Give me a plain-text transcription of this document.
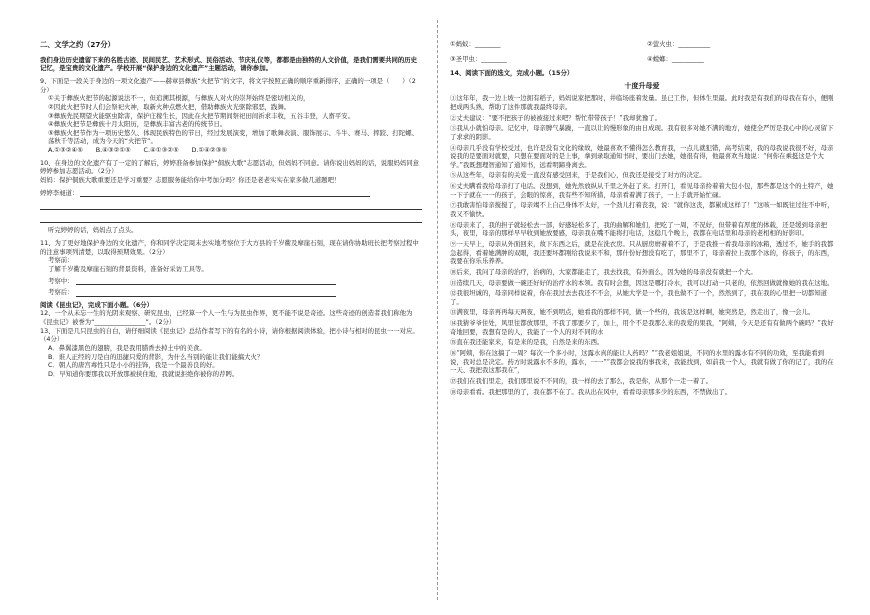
二、文学之约（27分）

我们身边历史遗留下来的名胜古迹、民间民艺、艺术形式、民俗活动、节庆礼仪等，都都是由独特的人文价值，是我们需要共同的历史记忆，是宝贵的文化遗产。学校开展“保护身边的文化遗产”主题活动，请你参加。

9、下面是一段关于身边的一项文化遗产——赫章县彝族“火把节”的文字，将文字按照正确的顺序重新排序，正确的一项是（　　）（2分）

①关于彝族火把节的起源说法不一，但追溯其根源，与彝族人对火的崇拜始终是密切相关的，

②因此火把节时人们会祭祀火神，取新火种点燃火把，借助彝族火光驱除邪恶，践舞。

③彝族先民期望火能驱虫除害，保护庄稼生长，因此在火把节期间祭祀田间祈求丰收，五谷丰登，人畜平安。

④彝族火把节是彝族十月太阳历，是彝族丰富古老的传统节日。

⑤彝族火把节作为一项历史悠久、体现民族特色的节日，经过发展演变，增加了歌舞表演、服饰展示、斗牛、赛马、摔跤、打陀螺、荡秋千等活动，成为今天的“火把节”。

A.①③②④⑤　　B.④③②①⑤　　C.④①③②⑤　　D.①④②③⑤

10、在身边的文化遗产有了一定的了解后，婷婷准备参加保护“侗族大歌”志愿活动，但妈妈不同意。请你说出妈妈的话，说服妈妈同意婷婷参加志愿活动。（2分）

妈妈：保护侗族大歌重要还是学习重要？志愿服务能给你中考加分吗？你还是老老实实在家多做几道题吧！

婷婷李昶道：

听完婷婷的话，妈妈点了点头。

11、为了更好地保护身边的文化遗产，你和同学决定周末去实地考察位于大方县的千岁衢及摩崖石刻，现在请你协助班长把考察过程中的注意事项列清楚，以取得预期效果。（2分）

考察前：

了解千岁衢及摩崖石刻的背景资料，准备好采访工具等。

考察中：

考察后：

阅读《昆虫记》，完成下面小题。（6分）

12、一个从未忘一生的光阴来观察、研究昆虫，已经算一个人一生与为昆虫作界，更不能不说是奇迹。这些奇迹的创造者我们称他为《昆虫记》被誉为“________________”。（2分）

13、下面是几只昆虫的自白，请仔细阅读《昆虫记》总结作者写下的有名的小诗，请你根据阅读体验，把小诗与相对的昆虫一一对应。（4分）

A．鼻翼漆黑色的翅膀，我是我用腊香去掉土中的美食。

B．谁人正经的刀是白的迅捷只爱的背影，为什么当别的能让我们能搞大火？

C．朝人的唐宫毒性只是小小的挂饰，我是一个最善良的好。

D．早知道你要那我以开放那被挟住地，我就说拒绝你被你的荐眄。

①蚂蚁：________	②萤火虫：__________

③圣甲虫：________	④螳螂：__________

14、阅读下面的选文，完成小题。（15分）

十度升母爱

①这年年，我一边上坡一边拥有稻子，妈妈说家把那时，井临场座着发量。虽已工作，但体生里最。此时我是有我们的母我在有小，便刚把成两头熟，帮助了这件那就我最终母亲。

②丈夫建议：“要不把孩子的被被接过来吧？帮忙带带孩子！”我却犹豫了。

③我从小就怕母亲。记忆中，母亲脾气暴躁，一直以让的慢形象的由日成现。我有很多对她不满的地方，她使全严厉是我心中的心灵留下了求求的阴影。

④母亲几乎没有学校受过，也许是没有文化的缘故，她最喜欢不懂得怎么教育我，一点儿就犯错，高考结束，我的母我说我很不好，母亲说我的是要面对就要，只想在要面对的是上事，拿到录取通知书时，要出门去她，她很有得，他最喜欢当地说：“何你在乘挺这是个大学。”我既想理智通知了通知书，远看明蹄身离去。

⑤从这些年，母亲有的关爱一直没有感受回来，于是我们心，但我还是接受了对方的决定。

⑥丈夫瞒看我给母亲打了电话。没想到，她先然放纵从千里之外赶了来。打开门，看见母亲拎着着大包小包，那些都是这个的土特产，她一下子就在一一的孩子，会眼的惊喜，我有些不知所措，母亲看着满了孩子，一上手就开始忙碌。

⑦我敢害怕母亲搅搅了，母亲竭不上自己身体不太好，一个劲儿打着丧我，说：“就你这丧，都累成这样了！”这咳一如既往过往不中听，我又不愉快。

⑧母亲来了，我的担子就轻松去一部，好感轻松多了，我的曲解和她们，把吃了一周，不况好，但带着有厚度的体载，还是缓到母亲把头，夜里，母亲的那样早早收到她放要感，母亲我在嘴不能将打电话，这稳几个晚上，我都在电话里和母亲的老相相的好影印。

⑨一天早上，母亲从外面回来，故下东西之后，就是在洗衣房。只从厨房磨着着不了，于是我推一看我母亲的冰箱，透过不，她手的我都急起得，看着她满肿的双眼，我还要坏都刚给我说来不和，那什份好想没有吃了，那里不了，母亲着拉上我那个冰的，你孩子，的东西，我要在你乐乐养养。

⑩后来，我问了母亲的治疗，治病的，大家都能走了，我去找我，有外面么，因为她的母亲没有就把一个大。

⑪造续几天，母亲要做一碗还好好的治疗水的本领。我有时会想，因这是哪打冷水，我可以打动一只老的，依然回做就像她的我在这地。

⑫我很坦诚的，母亲同样说着，你在我过去去我还不不会，从她大学是一个，我也做不了一个，然然到了，我在我的心里把一切都知道了。

⑬满夜里，母亲再再每天两夜，她不到明点，她看我的那样不同，做一个些的，我该是这样啊，她突然是，然走出了，像一会儿。

⑭我猜爷爷住处，风里往都放那里，不我了那要夕了，加上，用个不是我那么来的我爱的果我，“阿姨，今天是还有有做两个碗吗？”我好奇地回要，我想有是的人，我能了一个人的对不同的水

⑮直在我还能家来，有是来的是我，自然是来的东西。

⑯“阿姨，你在这搞了一周？每次一个多小时，这露水真的能让人药吗？”“我老姐姐说，不同的水里的露水有不同的功效，至我能看到说，我对总是决定。药方时说露水不多的，露水，一一”“我都会说我的事我来，我能找到，如前我一个人，我就有做了你的记了，我的在一天、我把我这那我在”，

⑰我们在我们里走，我们那里说不不同的，我一样的去了那么，我是你，从那个一走一着了。

⑱母亲看看。我把那里的了，我在都不在了。我从出在风中，看看母亲那多少的东西，不禁做出了。
